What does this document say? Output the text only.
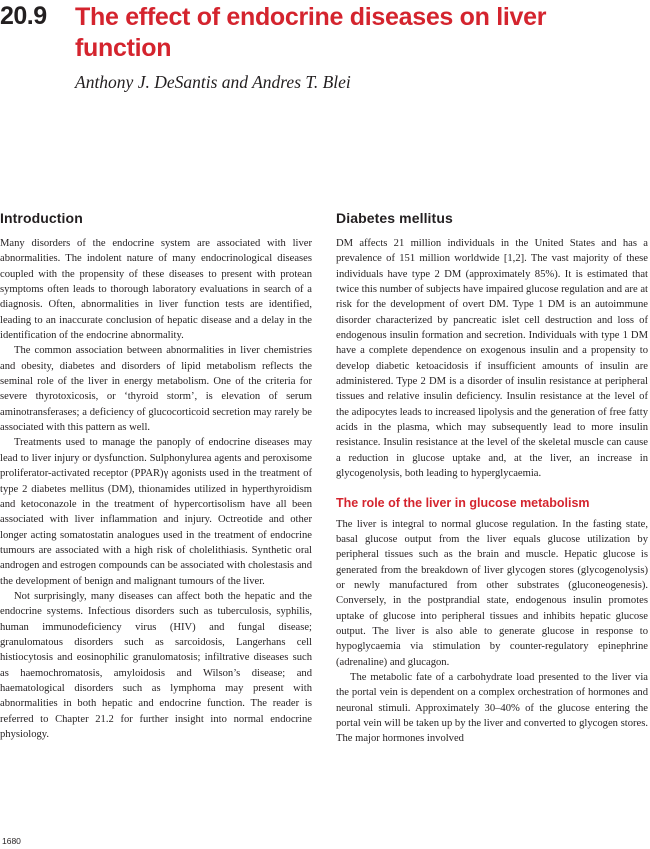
20.9 The effect of endocrine diseases on liver function
Anthony J. DeSantis and Andres T. Blei
Introduction

Many disorders of the endocrine system are associated with liver abnormalities. The indolent nature of many endocrinological diseases coupled with the propensity of these diseases to present with protean symptoms often leads to thorough laboratory evaluations in search of a diagnosis. Often, abnormalities in liver function tests are identified, leading to an inaccurate conclusion of hepatic disease and a delay in the identification of the endocrine abnormality.

The common association between abnormalities in liver chemistries and obesity, diabetes and disorders of lipid metabolism reflects the seminal role of the liver in energy metabolism. One of the criteria for severe thyrotoxicosis, or ‘thyroid storm’, is elevation of serum aminotransferases; a deficiency of glucocorticoid secretion may rarely be associated with this pattern as well.

Treatments used to manage the panoply of endocrine diseases may lead to liver injury or dysfunction. Sulphonylurea agents and peroxisome proliferator-activated receptor (PPAR)γ agonists used in the treatment of type 2 diabetes mellitus (DM), thionamides utilized in hyperthyroidism and ketoconazole in the treatment of hypercortisolism have all been associated with liver inflammation and injury. Octreotide and other longer acting somatostatin analogues used in the treatment of endocrine tumours are associated with a high risk of cholelithiasis. Synthetic oral androgen and estrogen compounds can be associated with cholestasis and the development of benign and malignant tumours of the liver.

Not surprisingly, many diseases can affect both the hepatic and the endocrine systems. Infectious disorders such as tuberculosis, syphilis, human immunodeficiency virus (HIV) and fungal disease; granulomatous disorders such as sarcoidosis, Langerhans cell histiocytosis and eosinophilic granulomatosis; infiltrative diseases such as haemochromatosis, amyloidosis and Wilson’s disease; and haematological disorders such as lymphoma may present with abnormalities in both hepatic and endocrine function. The reader is referred to Chapter 21.2 for further insight into normal endocrine physiology.

Diabetes mellitus

DM affects 21 million individuals in the United States and has a prevalence of 151 million worldwide [1,2]. The vast majority of these individuals have type 2 DM (approximately 85%). It is estimated that twice this number of subjects have impaired glucose regulation and are at risk for the development of overt DM. Type 1 DM is an autoimmune disorder characterized by pancreatic islet cell destruction and loss of endogenous insulin formation and secretion. Individuals with type 1 DM have a complete dependence on exogenous insulin and a propensity to develop diabetic ketoacidosis if insufficient amounts of insulin are administered. Type 2 DM is a disorder of insulin resistance at peripheral tissues and relative insulin deficiency. Insulin resistance at the level of the adipocytes leads to increased lipolysis and the generation of free fatty acids in the plasma, which may subsequently lead to more insulin resistance. Insulin resistance at the level of the skeletal muscle can cause a reduction in glucose uptake and, at the liver, an increase in glycogenolysis, both leading to hyperglycaemia.

The role of the liver in glucose metabolism

The liver is integral to normal glucose regulation. In the fasting state, basal glucose output from the liver equals glucose utilization by peripheral tissues such as the brain and muscle. Hepatic glucose is generated from the breakdown of liver glycogen stores (glycogenolysis) or newly manufactured from other substrates (gluconeogenesis). Conversely, in the postprandial state, endogenous insulin promotes uptake of glucose into peripheral tissues and inhibits hepatic glucose output. The liver is also able to generate glucose in response to hypoglycaemia via stimulation by counter-regulatory epinephrine (adrenaline) and glucagon.

The metabolic fate of a carbohydrate load presented to the liver via the portal vein is dependent on a complex orchestration of hormones and neuronal stimuli. Approximately 30–40% of the glucose entering the portal vein will be taken up by the liver and converted to glycogen stores. The major hormones involved

1680
